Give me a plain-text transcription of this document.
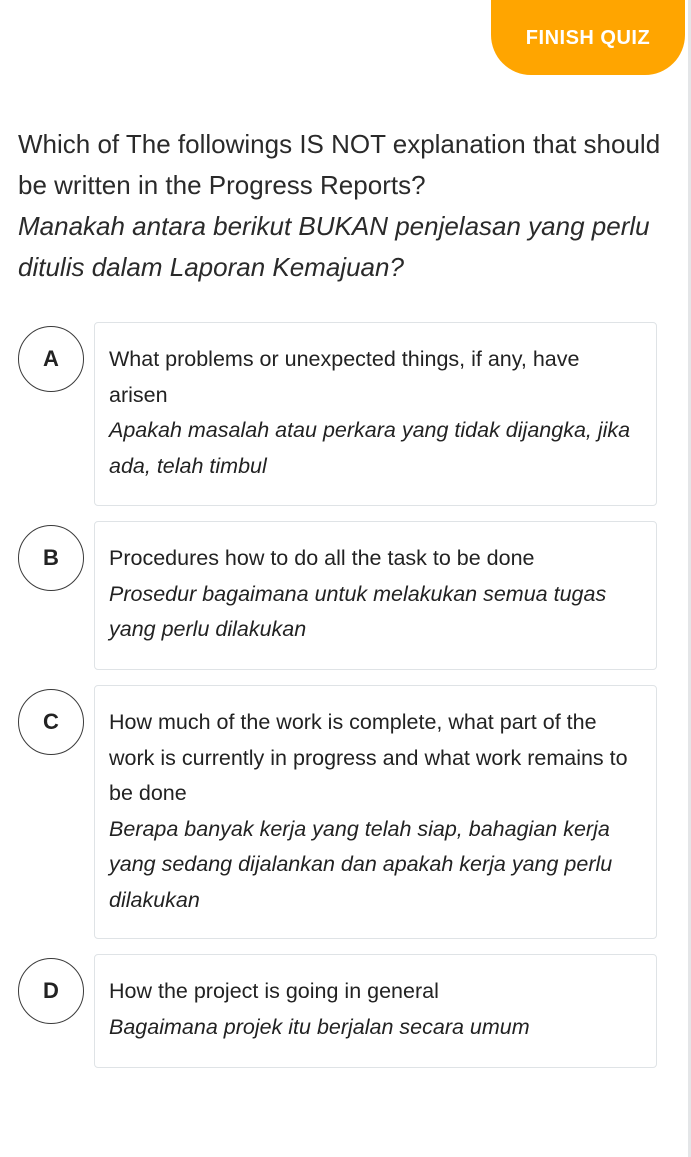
FINISH QUIZ
Which of The followings IS NOT explanation that should be written in the Progress Reports?
Manakah antara berikut BUKAN penjelasan yang perlu ditulis dalam Laporan Kemajuan?
A	What problems or unexpected things, if any, have arisen
Apakah masalah atau perkara yang tidak dijangka, jika ada, telah timbul
B	Procedures how to do all the task to be done
Prosedur bagaimana untuk melakukan semua tugas yang perlu dilakukan
C	How much of the work is complete, what part of the work is currently in progress and what work remains to be done
Berapa banyak kerja yang telah siap, bahagian kerja yang sedang dijalankan dan apakah kerja yang perlu dilakukan
D	How the project is going in general
Bagaimana projek itu berjalan secara umum
